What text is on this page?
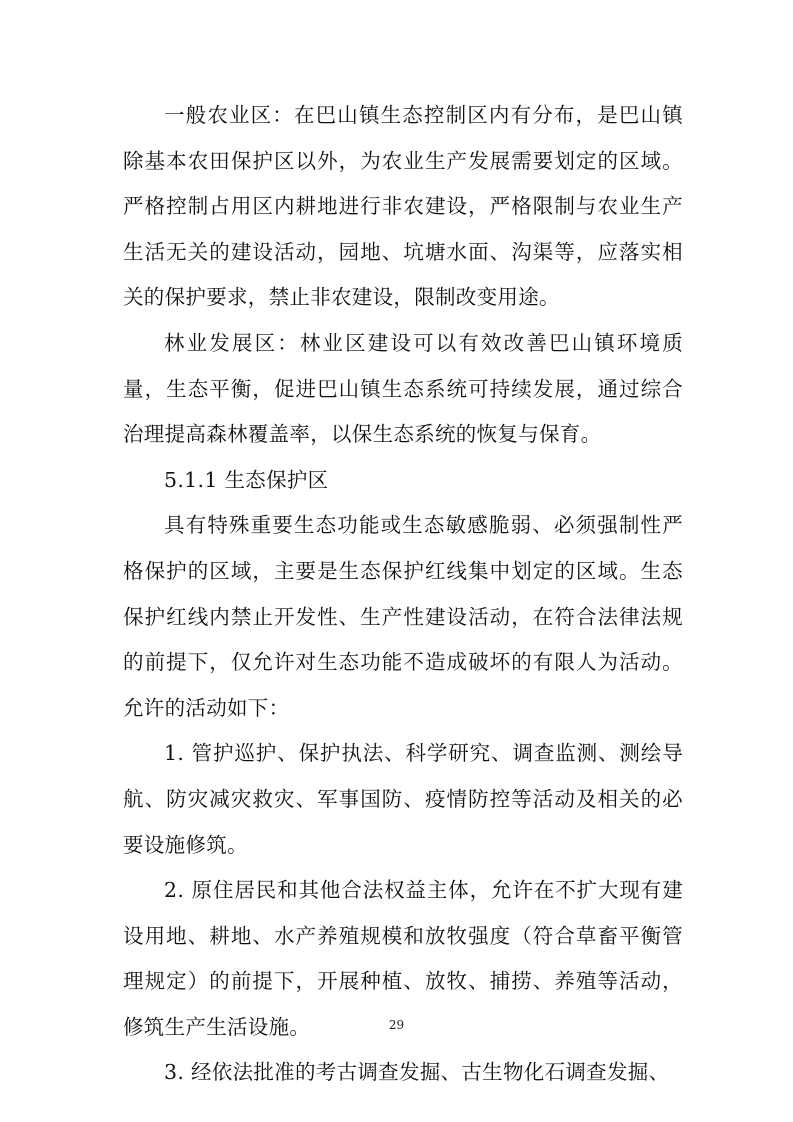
一般农业区：在巴山镇生态控制区内有分布，是巴山镇除基本农田保护区以外，为农业生产发展需要划定的区域。严格控制占用区内耕地进行非农建设，严格限制与农业生产生活无关的建设活动，园地、坑塘水面、沟渠等，应落实相关的保护要求，禁止非农建设，限制改变用途。

林业发展区：林业区建设可以有效改善巴山镇环境质量，生态平衡，促进巴山镇生态系统可持续发展，通过综合治理提高森林覆盖率，以保生态系统的恢复与保育。

5.1.1 生态保护区

具有特殊重要生态功能或生态敏感脆弱、必须强制性严格保护的区域，主要是生态保护红线集中划定的区域。生态保护红线内禁止开发性、生产性建设活动，在符合法律法规的前提下，仅允许对生态功能不造成破坏的有限人为活动。允许的活动如下：

1. 管护巡护、保护执法、科学研究、调查监测、测绘导航、防灾减灾救灾、军事国防、疫情防控等活动及相关的必要设施修筑。

2. 原住居民和其他合法权益主体，允许在不扩大现有建设用地、耕地、水产养殖规模和放牧强度（符合草畜平衡管理规定）的前提下，开展种植、放牧、捕捞、养殖等活动，修筑生产生活设施。

3. 经依法批准的考古调查发掘、古生物化石调查发掘、

29
